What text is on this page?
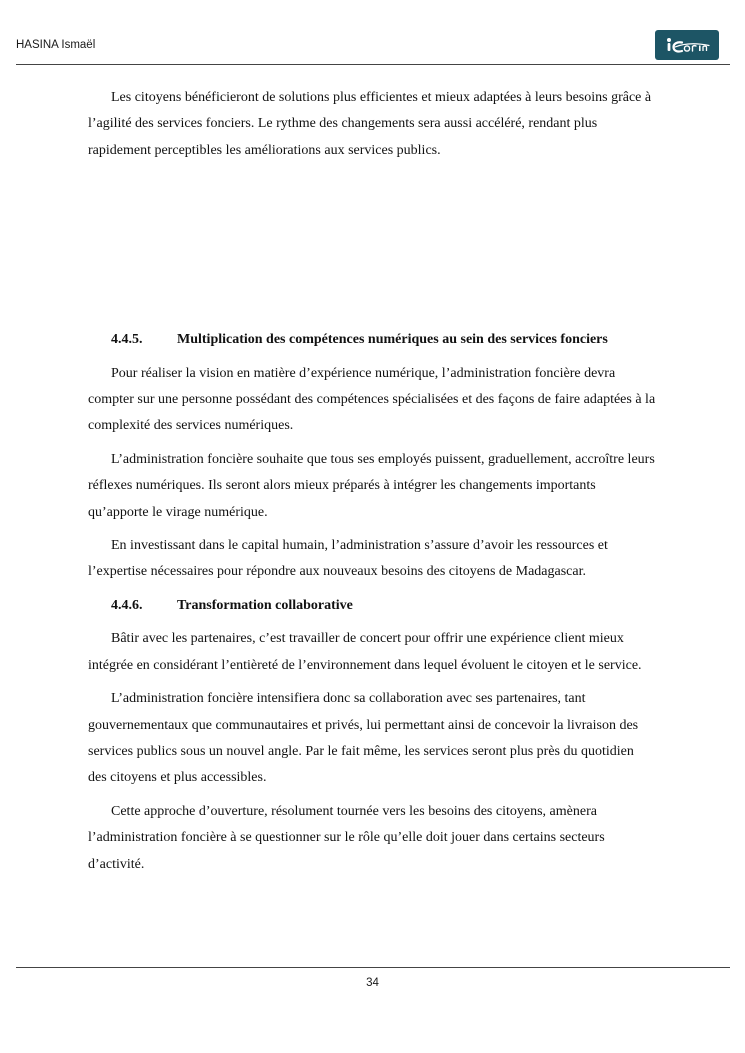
HASINA Ismaël

Les citoyens bénéficieront de solutions plus efficientes et mieux adaptées à leurs besoins grâce à l’agilité des services fonciers. Le rythme des changements sera aussi accéléré, rendant plus rapidement perceptibles les améliorations aux services publics.

4.4.5. Multiplication des compétences numériques au sein des services fonciers

Pour réaliser la vision en matière d’expérience numérique, l’administration foncière devra compter sur une personne possédant des compétences spécialisées et des façons de faire adaptées à la complexité des services numériques.

L’administration foncière souhaite que tous ses employés puissent, graduellement, accroître leurs réflexes numériques. Ils seront alors mieux préparés à intégrer les changements importants qu’apporte le virage numérique.

En investissant dans le capital humain, l’administration s’assure d’avoir les ressources et l’expertise nécessaires pour répondre aux nouveaux besoins des citoyens de Madagascar.

4.4.6. Transformation collaborative

Bâtir avec les partenaires, c’est travailler de concert pour offrir une expérience client mieux intégrée en considérant l’entièreté de l’environnement dans lequel évoluent le citoyen et le service.

L’administration foncière intensifiera donc sa collaboration avec ses partenaires, tant gouvernementaux que communautaires et privés, lui permettant ainsi de concevoir la livraison des services publics sous un nouvel angle. Par le fait même, les services seront plus près du quotidien des citoyens et plus accessibles.

Cette approche d’ouverture, résolument tournée vers les besoins des citoyens, amènera l’administration foncière à se questionner sur le rôle qu’elle doit jouer dans certains secteurs d’activité.

34
